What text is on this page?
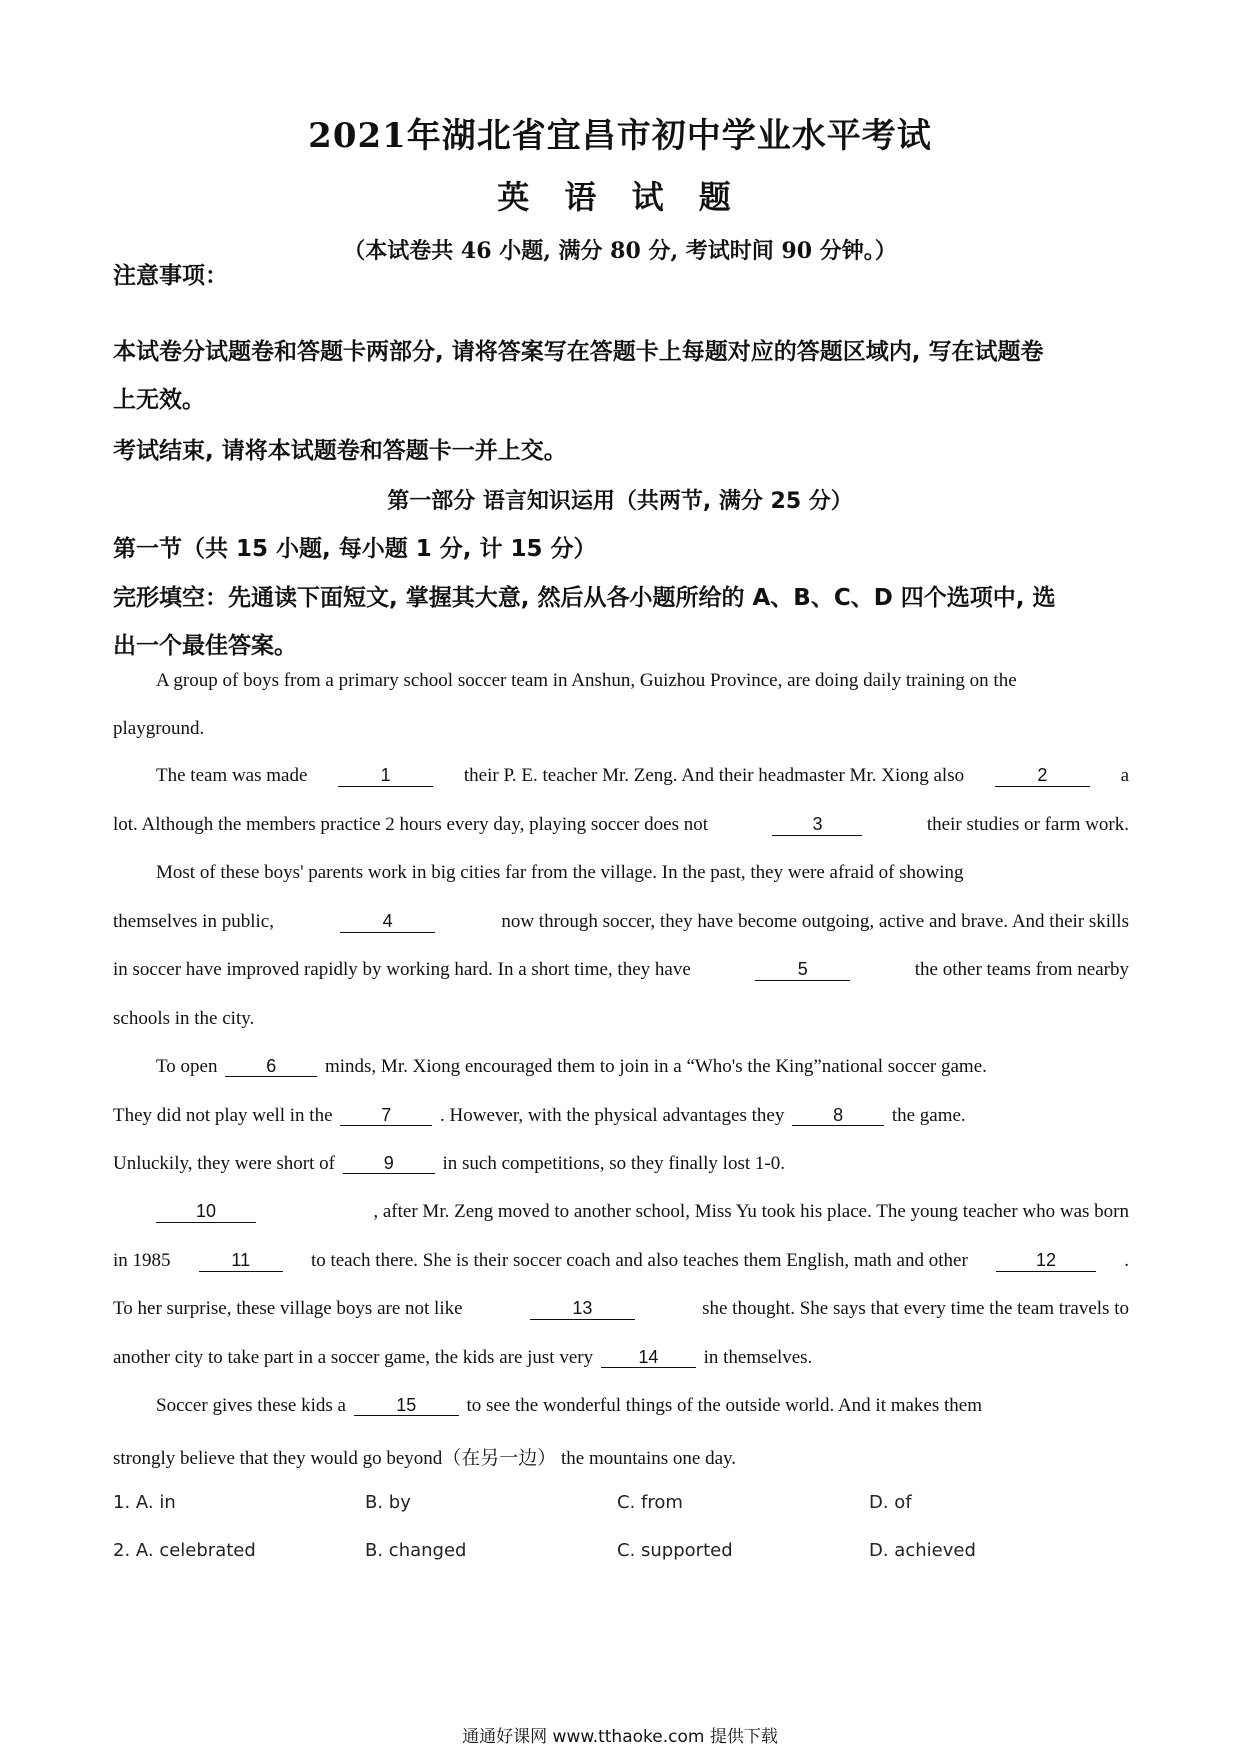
2021年湖北省宜昌市初中学业水平考试
英 语 试 题
（本试卷共 46 小题, 满分 80 分, 考试时间 90 分钟。）
注意事项：
本试卷分试题卷和答题卡两部分, 请将答案写在答题卡上每题对应的答题区域内, 写在试题卷
上无效。
考试结束, 请将本试题卷和答题卡一并上交。
第一部分 语言知识运用（共两节, 满分 25 分）
第一节（共 15 小题, 每小题 1 分, 计 15 分）
完形填空：先通读下面短文, 掌握其大意, 然后从各小题所给的 A、B、C、D 四个选项中, 选
出一个最佳答案。
A group of boys from a primary school soccer team in Anshun, Guizhou Province, are doing daily training on the
playground.
The team was made	1	their P. E. teacher Mr. Zeng. And their headmaster Mr. Xiong also	2	a
lot. Although the members practice 2 hours every day, playing soccer does not	3	their studies or farm work.
Most of these boys' parents work in big cities far from the village. In the past, they were afraid of showing
themselves in public,	4	now through soccer, they have become outgoing, active and brave. And their skills
in soccer have improved rapidly by working hard. In a short time, they have	5	the other teams from nearby
schools in the city.
To open	6	minds, Mr. Xiong encouraged them to join in a “Who's the King”national soccer game.
They did not play well in the	7	. However, with the physical advantages they	8	the game.
Unluckily, they were short of	9	in such competitions, so they finally lost 1-0.
10	, after Mr. Zeng moved to another school, Miss Yu took his place. The young teacher who was born
in 1985	11	to teach there. She is their soccer coach and also teaches them English, math and other	12	.
To her surprise, these village boys are not like	13	she thought. She says that every time the team travels to
another city to take part in a soccer game, the kids are just very	14 in themselves.
Soccer gives these kids a	15	to see the wonderful things of the outside world. And it makes them
strongly believe that they would go beyond（在另一边） the mountains one day.
1. A. in	B. by	C. from	D. of
2. A. celebrated	B. changed	C. supported	D. achieved
通通好课网 www.tthaoke.com 提供下载
